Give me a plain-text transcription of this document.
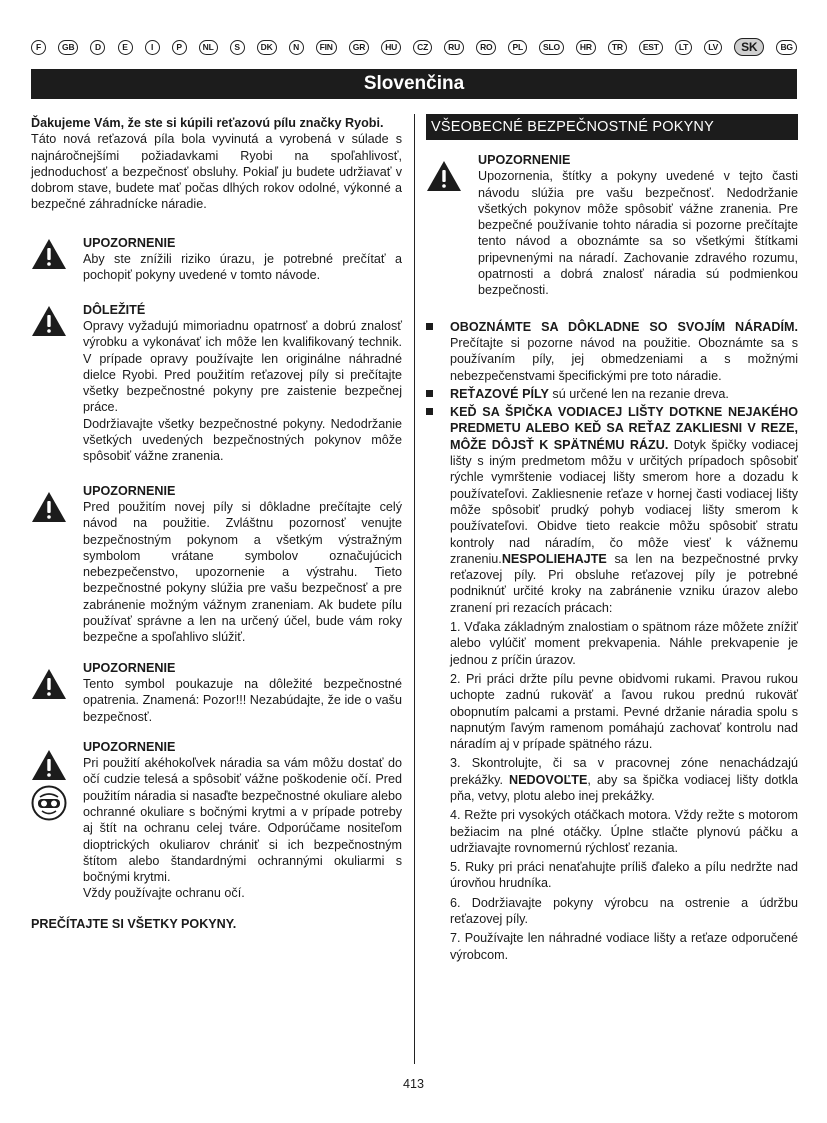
F	GB	D	E	I	P	NL	S	DK	N	FIN	GR	HU	CZ	RU	RO	PL	SLO	HR	TR	EST	LT	LV	SK	BG
Slovenčina

Ďakujeme Vám, že ste si kúpili reťazovú pílu značky Ryobi.

Táto nová reťazová píla bola vyvinutá a vyrobená v súlade s najnáročnejšími požiadavkami Ryobi na spoľahlivosť, jednoduchosť a bezpečnosť obsluhy. Pokiaľ ju budete udržiavať v dobrom stave, budete mať počas dlhých rokov odolné, výkonné a bezpečné záhradnícke náradie.

UPOZORNENIE

Aby ste znížili riziko úrazu, je potrebné prečítať a pochopiť pokyny uvedené v tomto návode.

DÔLEŽITÉ

Opravy vyžadujú mimoriadnu opatrnosť a dobrú znalosť výrobku a vykonávať ich môže len kvalifikovaný technik. V prípade opravy používajte len originálne náhradné dielce Ryobi. Pred použitím reťazovej píly si prečítajte všetky bezpečnostné pokyny pre zaistenie bezpečnej práce.

Dodržiavajte všetky bezpečnostné pokyny. Nedodržanie všetkých uvedených bezpečnostných pokynov môže spôsobiť vážne zranenia.

UPOZORNENIE

Pred použitím novej píly si dôkladne prečítajte celý návod na použitie. Zvláštnu pozornosť venujte bezpečnostným pokynom a všetkým výstražným symbolom vrátane symbolov označujúcich nebezpečenstvo, upozornenie a výstrahu. Tieto bezpečnostné pokyny slúžia pre vašu bezpečnosť a pre zabránenie možným vážnym zraneniam. Ak budete pílu používať správne a len na určený účel, bude vám roky bezpečne a spoľahlivo slúžiť.

UPOZORNENIE

Tento symbol poukazuje na dôležité bezpečnostné opatrenia. Znamená: Pozor!!! Nezabúdajte, že ide o vašu bezpečnosť.

UPOZORNENIE

Pri použití akéhokoľvek náradia sa vám môžu dostať do očí cudzie telesá a spôsobiť vážne poškodenie očí. Pred použitím náradia si nasaďte bezpečnostné okuliare alebo ochranné okuliare s bočnými krytmi a v prípade potreby aj štít na ochranu celej tváre. Odporúčame nositeľom dioptrických okuliarov chrániť si ich bezpečnostným štítom alebo štandardnými ochrannými okuliarmi s bočnými krytmi.

Vždy používajte ochranu očí.

PREČÍTAJTE SI VŠETKY POKYNY.

VŠEOBECNÉ BEZPEČNOSTNÉ POKYNY
UPOZORNENIE

Upozornenia, štítky a pokyny uvedené v tejto časti návodu slúžia pre vašu bezpečnosť. Nedodržanie všetkých pokynov môže spôsobiť vážne zranenia. Pre bezpečné používanie tohto náradia si pozorne prečítajte tento návod a oboznámte sa so všetkými štítkami pripevnenými na náradí. Zachovanie zdravého rozumu, opatrnosti a dobrá znalosť náradia sú podmienkou bezpečnosti.

OBOZNÁMTE SA DÔKLADNE SO SVOJÍM NÁRADÍM. Prečítajte si pozorne návod na použitie. Oboznámte sa s používaním píly, jej obmedzeniami a s možnými nebezpečenstvami špecifickými pre toto náradie.

REŤAZOVÉ PÍLY sú určené len na rezanie dreva.

KEĎ SA ŠPIČKA VODIACEJ LIŠTY DOTKNE NEJAKÉHO PREDMETU ALEBO KEĎ SA REŤAZ ZAKLIESNI V REZE, MÔŽE DÔJSŤ K SPÄTNÉMU RÁZU. Dotyk špičky vodiacej lišty s iným predmetom môžu v určitých prípadoch spôsobiť rýchle vymrštenie vodiacej lišty smerom hore a dozadu k používateľovi. Zakliesnenie reťaze v hornej časti vodiacej lišty môže spôsobiť prudký pohyb vodiacej lišty smerom k používateľovi. Obidve tieto reakcie môžu spôsobiť stratu kontroly nad náradím, čo môže viesť k vážnemu zraneniu.NESPOLIEHAJTE sa len na bezpečnostné prvky reťazovej píly. Pri obsluhe reťazovej píly je potrebné podniknúť určité kroky na zabránenie vzniku úrazov alebo zranení pri rezacích prácach:

1. Vďaka základným znalostiam o spätnom ráze môžete znížiť alebo vylúčiť moment prekvapenia. Náhle prekvapenie je jednou z príčin úrazov.

2. Pri práci držte pílu pevne obidvomi rukami. Pravou rukou uchopte zadnú rukoväť a ľavou rukou prednú rukoväť obopnutím palcami a prstami. Pevné držanie náradia spolu s napnutým ľavým ramenom pomáhajú zachovať kontrolu nad náradím aj v prípade spätného rázu.

3. Skontrolujte, či sa v pracovnej zóne nenachádzajú prekážky. NEDOVOĽTE, aby sa špička vodiacej lišty dotkla pňa, vetvy, plotu alebo inej prekážky.

4. Režte pri vysokých otáčkach motora. Vždy režte s motorom bežiacim na plné otáčky. Úplne stlačte plynovú páčku a udržiavajte rovnomernú rýchlosť rezania.

5. Ruky pri práci nenaťahujte príliš ďaleko a pílu nedržte nad úrovňou hrudníka.

6. Dodržiavajte pokyny výrobcu na ostrenie a údržbu reťazovej píly.

7. Používajte len náhradné vodiace lišty a reťaze odporučené výrobcom.

413
